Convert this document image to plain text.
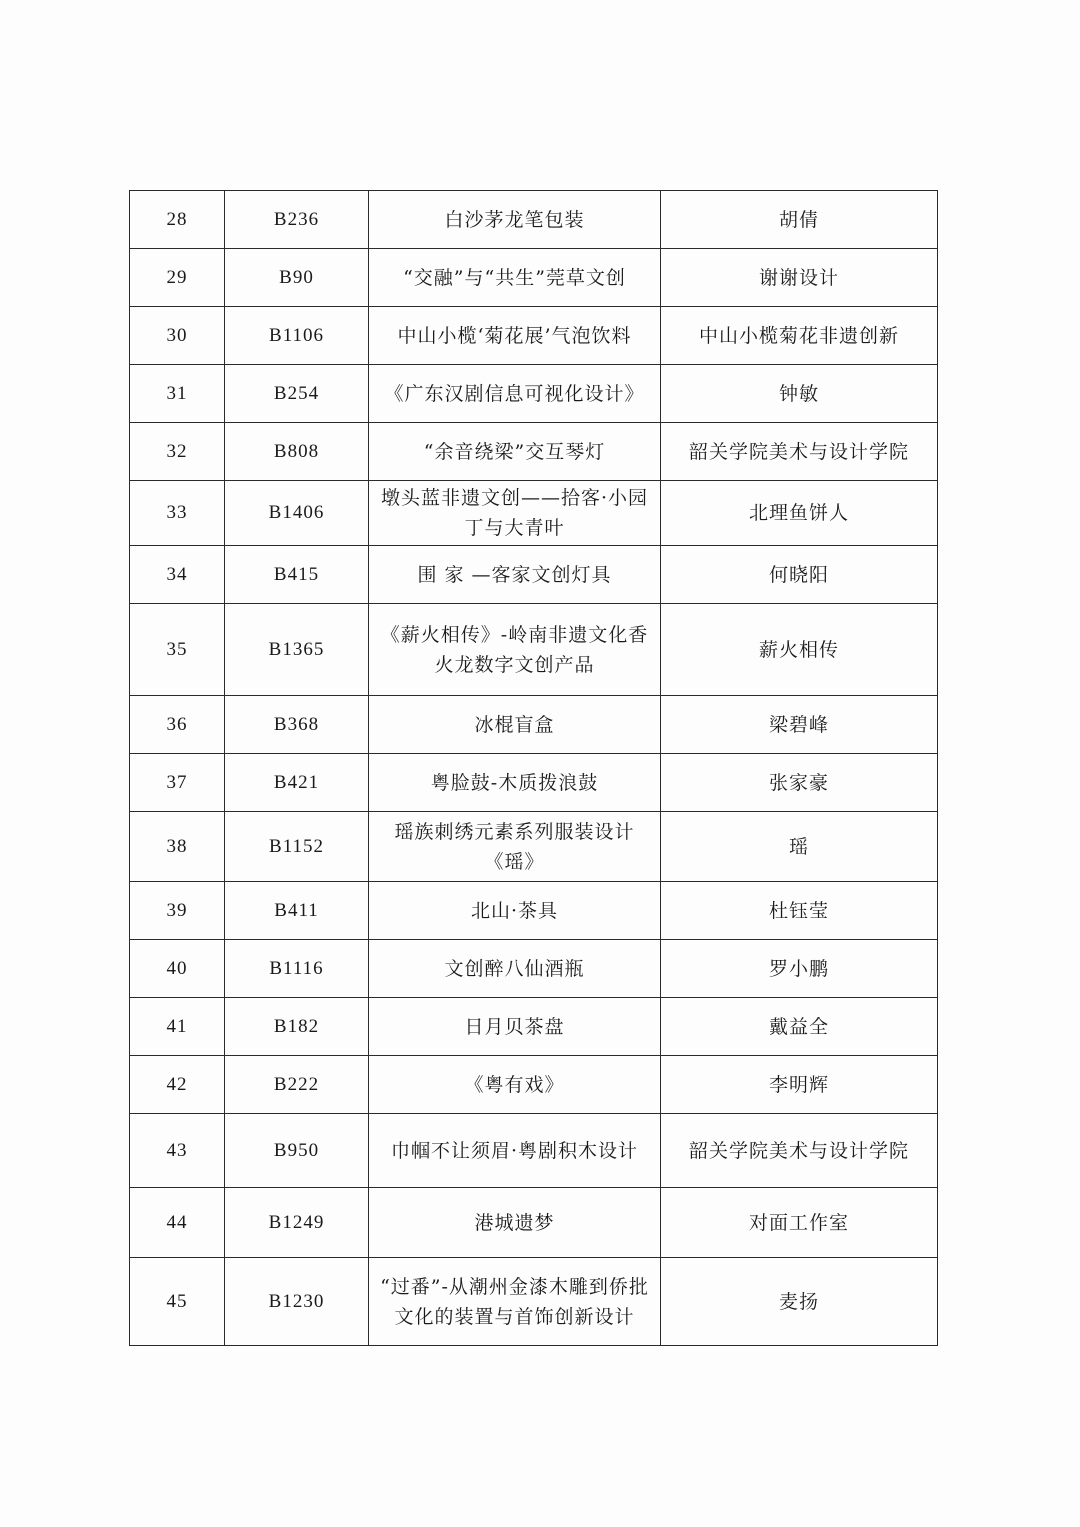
28	B236	白沙茅龙笔包装	胡倩
29	B90	“交融”与“共生”莞草文创	谢谢设计
30	B1106	中山小榄‘菊花展’气泡饮料	中山小榄菊花非遗创新
31	B254	《广东汉剧信息可视化设计》	钟敏
32	B808	“余音绕梁”交互琴灯	韶关学院美术与设计学院
33	B1406	墩头蓝非遗文创——拾客·小园丁与大青叶	北理鱼饼人
34	B415	围 家 —客家文创灯具	何晓阳
35	B1365	《薪火相传》-岭南非遗文化香火龙数字文创产品	薪火相传
36	B368	冰棍盲盒	梁碧峰
37	B421	粤脸鼓-木质拨浪鼓	张家豪
38	B1152	瑶族刺绣元素系列服装设计《瑶》	瑶
39	B411	北山·茶具	杜钰莹
40	B1116	文创醉八仙酒瓶	罗小鹏
41	B182	日月贝茶盘	戴益全
42	B222	《粤有戏》	李明辉
43	B950	巾帼不让须眉·粤剧积木设计	韶关学院美术与设计学院
44	B1249	港城遗梦	对面工作室
45	B1230	“过番”-从潮州金漆木雕到侨批文化的装置与首饰创新设计	麦扬
